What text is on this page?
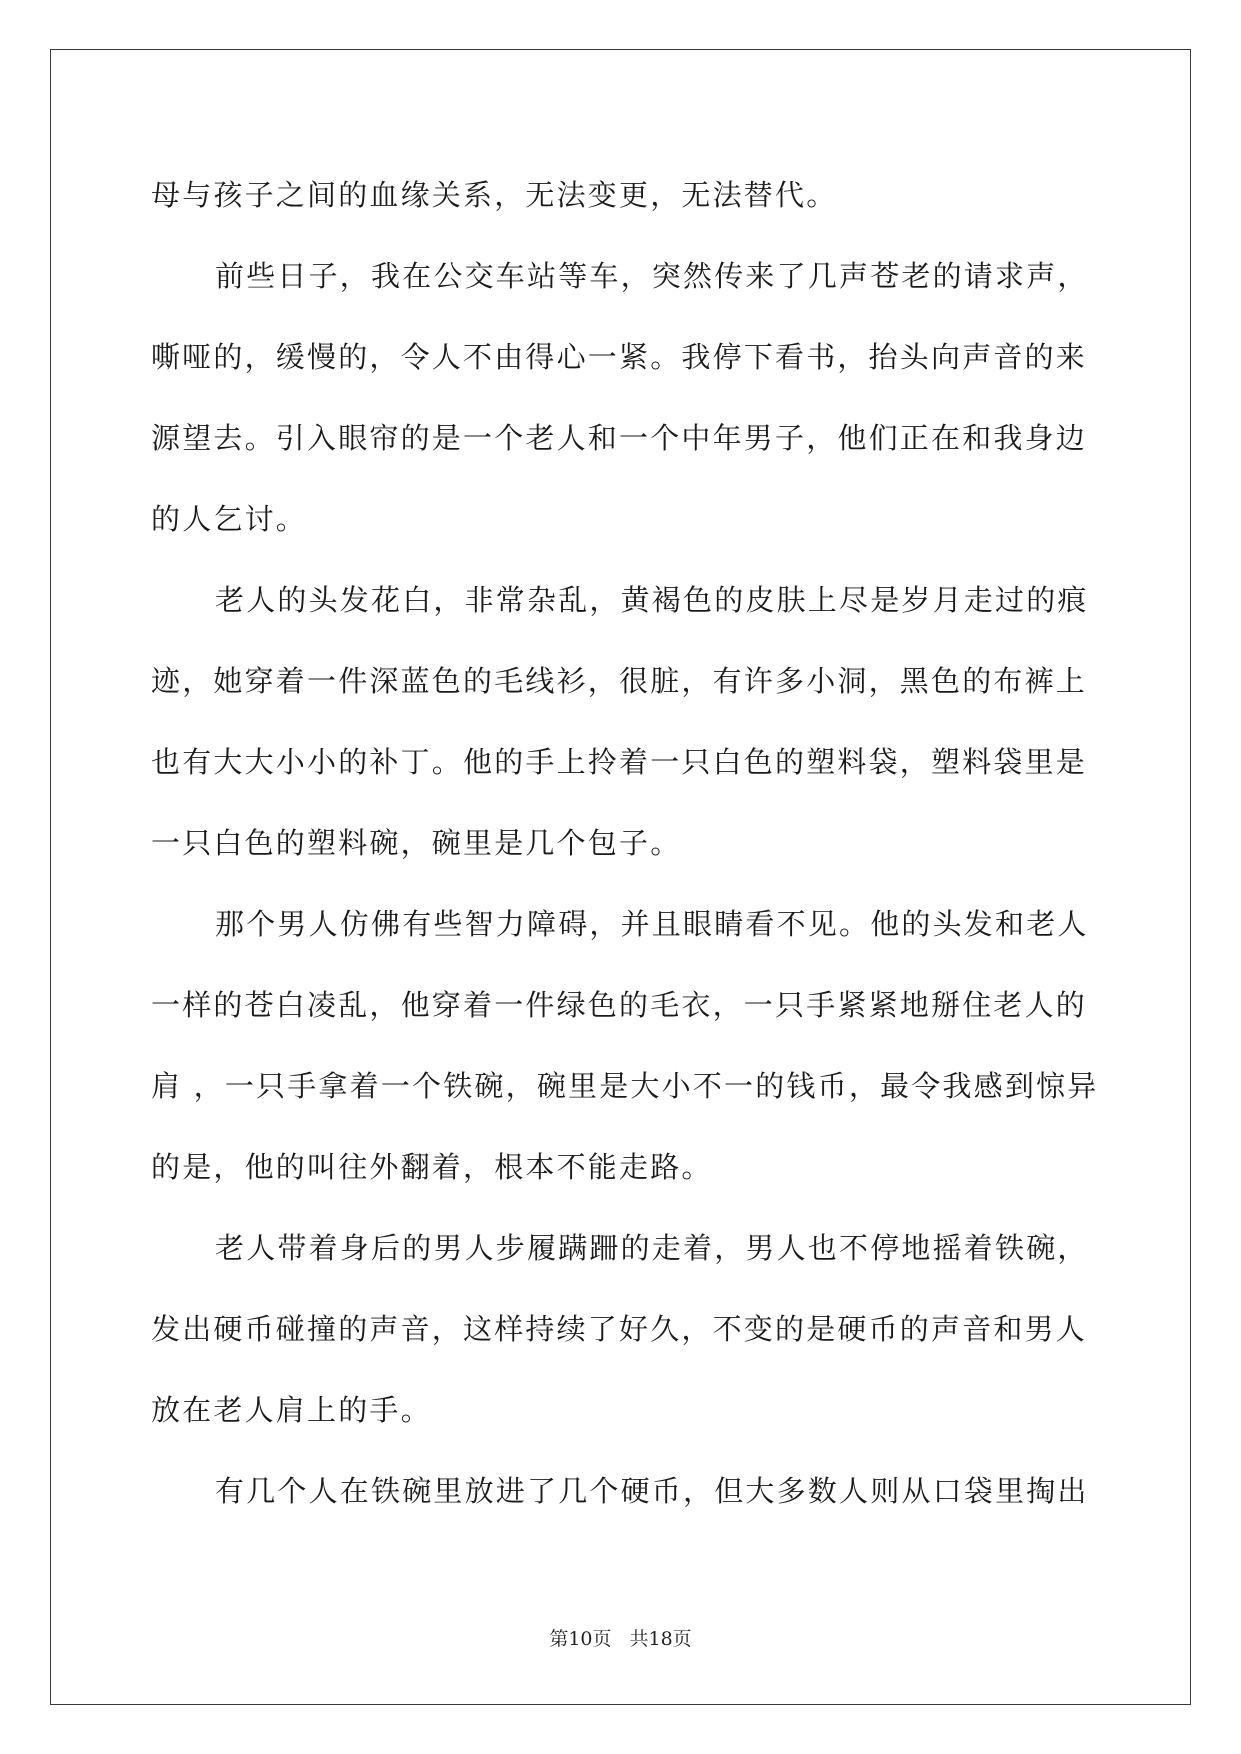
母与孩子之间的血缘关系，无法变更，无法替代。
前些日子，我在公交车站等车，突然传来了几声苍老的请求声，
嘶哑的，缓慢的，令人不由得心一紧。我停下看书，抬头向声音的来
源望去。引入眼帘的是一个老人和一个中年男子，他们正在和我身边
的人乞讨。
老人的头发花白，非常杂乱，黄褐色的皮肤上尽是岁月走过的痕
迹，她穿着一件深蓝色的毛线衫，很脏，有许多小洞，黑色的布裤上
也有大大小小的补丁。他的手上拎着一只白色的塑料袋，塑料袋里是
一只白色的塑料碗，碗里是几个包子。
那个男人仿佛有些智力障碍，并且眼睛看不见。他的头发和老人
一样的苍白凌乱，他穿着一件绿色的毛衣，一只手紧紧地掰住老人的
肩 ，一只手拿着一个铁碗，碗里是大小不一的钱币，最令我感到惊异
的是，他的叫往外翻着，根本不能走路。
老人带着身后的男人步履蹒跚的走着，男人也不停地摇着铁碗，
发出硬币碰撞的声音，这样持续了好久，不变的是硬币的声音和男人
放在老人肩上的手。
有几个人在铁碗里放进了几个硬币，但大多数人则从口袋里掏出
第10页 共18页
